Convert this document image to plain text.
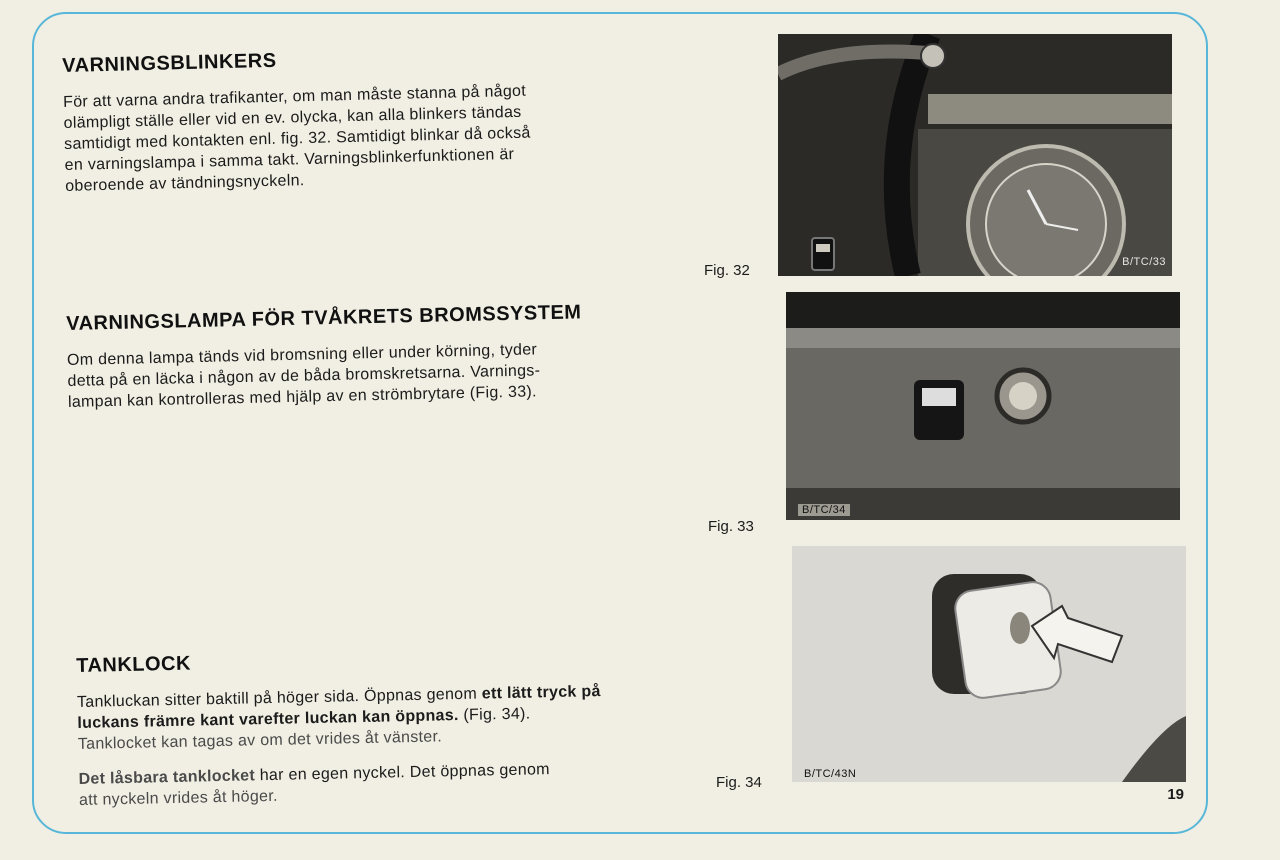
VARNINGSBLINKERS

För att varna andra trafikanter, om man måste stanna på något
olämpligt ställe eller vid en ev. olycka, kan alla blinkers tändas
samtidigt med kontakten enl. fig. 32. Samtidigt blinkar då också
en varningslampa i samma takt. Varningsblinkerfunktionen är
oberoende av tändningsnyckeln.

VARNINGSLAMPA FÖR TVÅKRETS BROMSSYSTEM

Om denna lampa tänds vid bromsning eller under körning, tyder
detta på en läcka i någon av de båda bromskretsarna. Varnings-
lampan kan kontrolleras med hjälp av en strömbrytare (Fig. 33).

TANKLOCK

Tankluckan sitter baktill på höger sida. Öppnas genom ett lätt tryck på luckans främre kant varefter luckan kan öppnas. (Fig. 34).
Tanklocket kan tagas av om det vrides åt vänster.

Det låsbara tanklocket har en egen nyckel. Det öppnas genom
att nyckeln vrides åt höger.

B/TC/33
Fig. 32
B/TC/34
Fig. 33
B/TC/43N
Fig. 34
19
